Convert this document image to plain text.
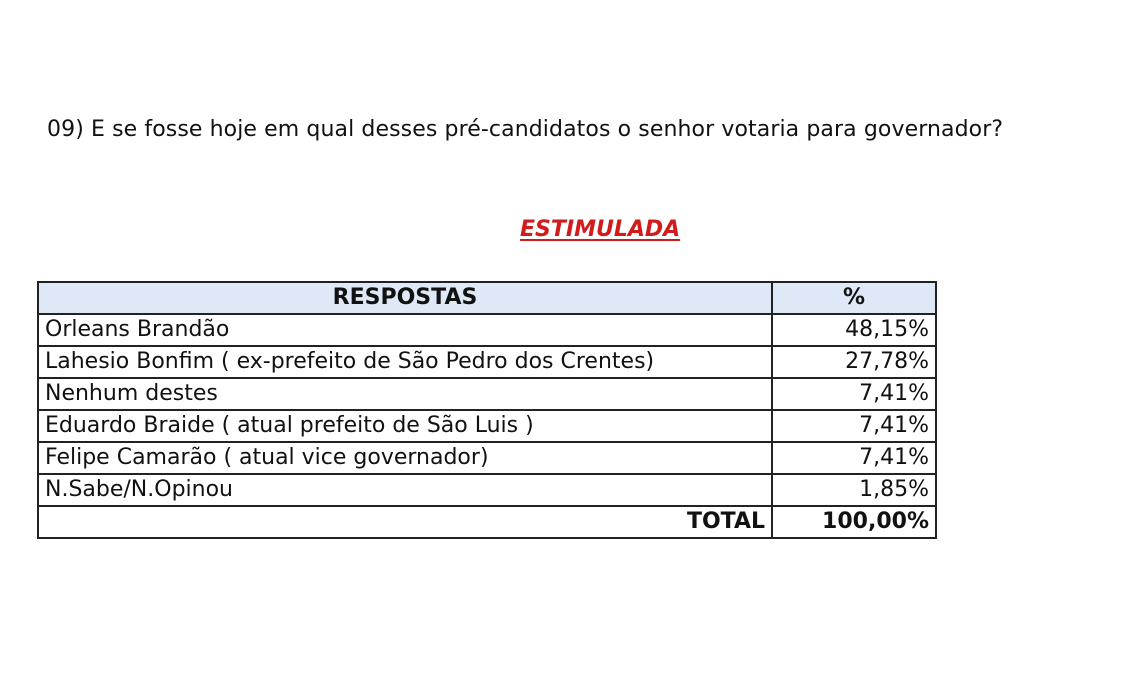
09) E se fosse hoje em qual desses pré-candidatos o senhor votaria para governador?
ESTIMULADA
RESPOSTAS	%
Orleans Brandão	48,15%
Lahesio Bonfim ( ex-prefeito de São Pedro dos Crentes)	27,78%
Nenhum destes	7,41%
Eduardo Braide ( atual prefeito de São Luis )	7,41%
Felipe Camarão ( atual vice governador)	7,41%
N.Sabe/N.Opinou	1,85%
TOTAL	100,00%
